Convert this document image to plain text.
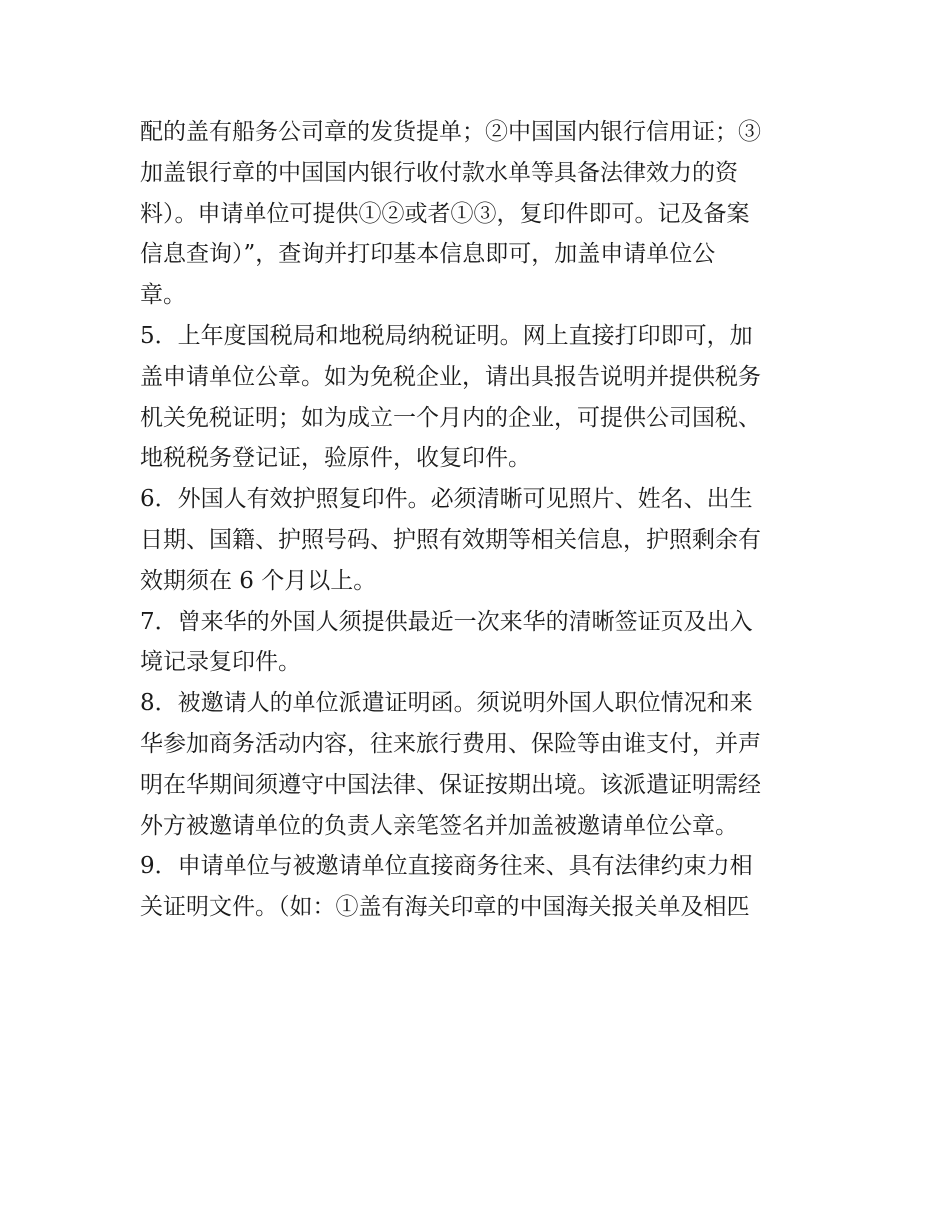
配的盖有船务公司章的发货提单；②中国国内银行信用证；③
加盖银行章的中国国内银行收付款水单等具备法律效力的资
料）。申请单位可提供①②或者①③，复印件即可。记及备案
信息查询）”，查询并打印基本信息即可，加盖申请单位公
章。
5．上年度国税局和地税局纳税证明。网上直接打印即可，加
盖申请单位公章。如为免税企业，请出具报告说明并提供税务
机关免税证明；如为成立一个月内的企业，可提供公司国税、
地税税务登记证，验原件，收复印件。
6．外国人有效护照复印件。必须清晰可见照片、姓名、出生
日期、国籍、护照号码、护照有效期等相关信息，护照剩余有
效期须在 6 个月以上。
7．曾来华的外国人须提供最近一次来华的清晰签证页及出入
境记录复印件。
8．被邀请人的单位派遣证明函。须说明外国人职位情况和来
华参加商务活动内容，往来旅行费用、保险等由谁支付，并声
明在华期间须遵守中国法律、保证按期出境。该派遣证明需经
外方被邀请单位的负责人亲笔签名并加盖被邀请单位公章。
9．申请单位与被邀请单位直接商务往来、具有法律约束力相
关证明文件。（如：①盖有海关印章的中国海关报关单及相匹
